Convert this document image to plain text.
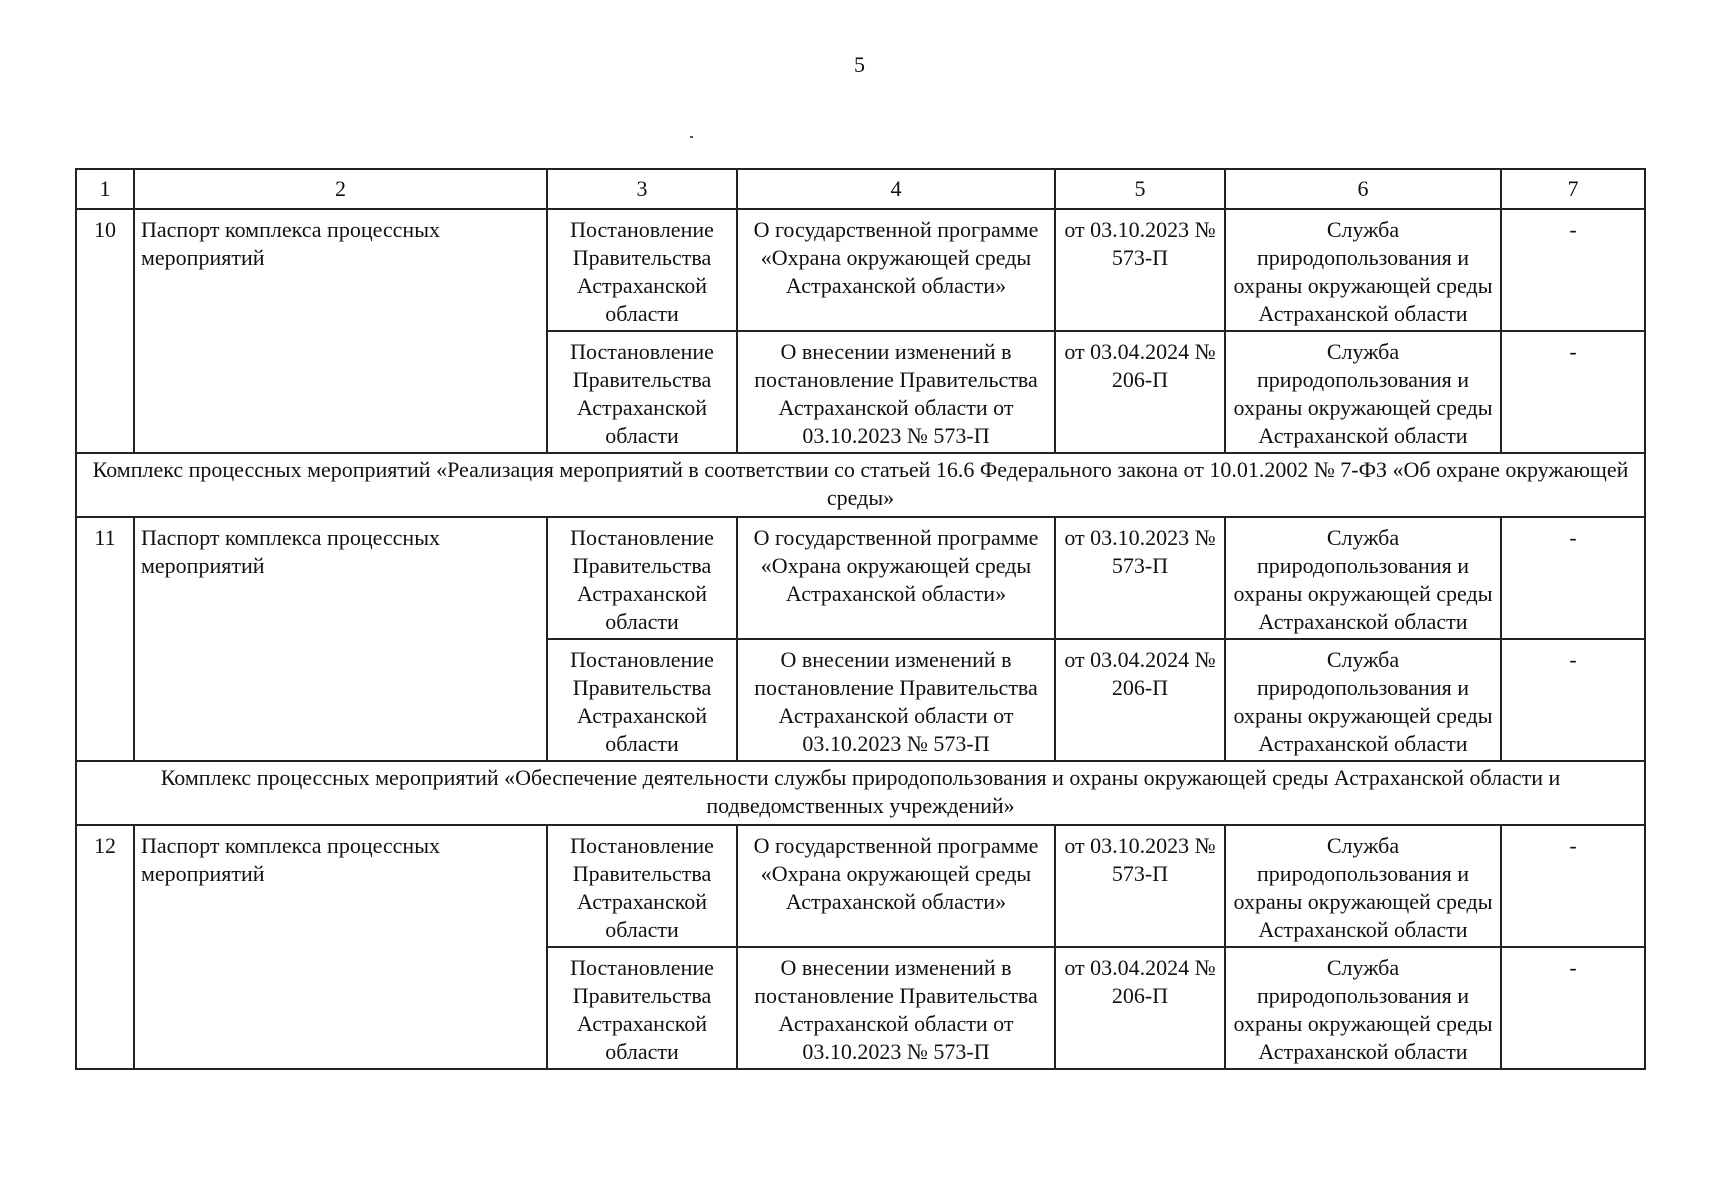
5
1	2	3	4	5	6	7
10	Паспорт комплекса процессных мероприятий	Постановление Правительства Астраханской области	О государственной программе «Охрана окружающей среды Астраханской области»	от 03.10.2023 № 573-П	Служба природопользования и охраны окружающей среды Астраханской области	-
		Постановление Правительства Астраханской области	О внесении изменений в постановление Правительства Астраханской области от 03.10.2023 № 573-П	от 03.04.2024 № 206-П	Служба природопользования и охраны окружающей среды Астраханской области	-
Комплекс процессных мероприятий «Реализация мероприятий в соответствии со статьей 16.6 Федерального закона от 10.01.2002 № 7-ФЗ «Об охране окружающей среды»						
11	Паспорт комплекса процессных мероприятий	Постановление Правительства Астраханской области	О государственной программе «Охрана окружающей среды Астраханской области»	от 03.10.2023 № 573-П	Служба природопользования и охраны окружающей среды Астраханской области	-
		Постановление Правительства Астраханской области	О внесении изменений в постановление Правительства Астраханской области от 03.10.2023 № 573-П	от 03.04.2024 № 206-П	Служба природопользования и охраны окружающей среды Астраханской области	-
Комплекс процессных мероприятий «Обеспечение деятельности службы природопользования и охраны окружающей среды Астраханской области и подведомственных учреждений»						
12	Паспорт комплекса процессных мероприятий	Постановление Правительства Астраханской области	О государственной программе «Охрана окружающей среды Астраханской области»	от 03.10.2023 № 573-П	Служба природопользования и охраны окружающей среды Астраханской области	-
		Постановление Правительства Астраханской области	О внесении изменений в постановление Правительства Астраханской области от 03.10.2023 № 573-П	от 03.04.2024 № 206-П	Служба природопользования и охраны окружающей среды Астраханской области	-
